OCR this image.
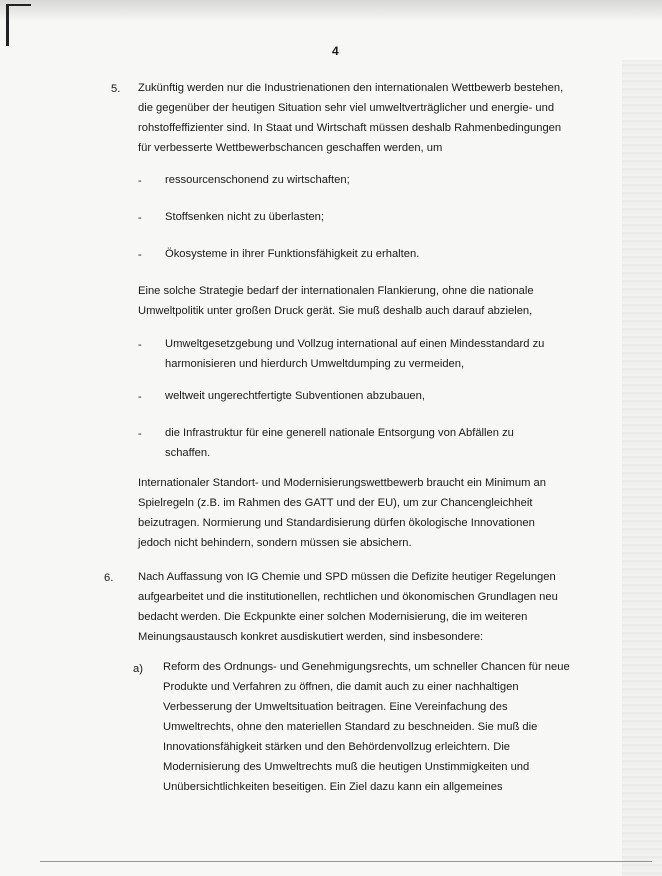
4
5. Zukünftig werden nur die Industrienationen den internationalen Wettbewerb bestehen, die gegenüber der heutigen Situation sehr viel umweltverträglicher und energie- und rohstoffeffizienter sind. In Staat und Wirtschaft müssen deshalb Rahmenbedingungen für verbesserte Wettbewerbschancen geschaffen werden, um

- ressourcenschonend zu wirtschaften;
- Stoffsenken nicht zu überlasten;
- Ökosysteme in ihrer Funktionsfähigkeit zu erhalten.
Eine solche Strategie bedarf der internationalen Flankierung, ohne die nationale Umweltpolitik unter großen Druck gerät. Sie muß deshalb auch darauf abzielen,
- Umweltgesetzgebung und Vollzug international auf einen Mindesstandard zu harmonisieren und hierdurch Umweltdumping zu vermeiden,
- weltweit ungerechtfertigte Subventionen abzubauen,
- die Infrastruktur für eine generell nationale Entsorgung von Abfällen zu schaffen.
Internationaler Standort- und Modernisierungswettbewerb braucht ein Minimum an Spielregeln (z.B. im Rahmen des GATT und der EU), um zur Chancengleichheit beizutragen. Normierung und Standardisierung dürfen ökologische Innovationen jedoch nicht behindern, sondern müssen sie absichern.
6. Nach Auffassung von IG Chemie und SPD müssen die Defizite heutiger Regelungen aufgearbeitet und die institutionellen, rechtlichen und ökonomischen Grundlagen neu bedacht werden. Die Eckpunkte einer solchen Modernisierung, die im weiteren Meinungsaustausch konkret ausdiskutiert werden, sind insbesondere:
a) Reform des Ordnungs- und Genehmigungsrechts, um schneller Chancen für neue Produkte und Verfahren zu öffnen, die damit auch zu einer nachhaltigen Verbesserung der Umweltsituation beitragen. Eine Vereinfachung des Umweltrechts, ohne den materiellen Standard zu beschneiden. Sie muß die Innovationsfähigkeit stärken und den Behördenvollzug erleichtern. Die Modernisierung des Umweltrechts muß die heutigen Unstimmigkeiten und Unübersichtlichkeiten beseitigen. Ein Ziel dazu kann ein allgemeines
